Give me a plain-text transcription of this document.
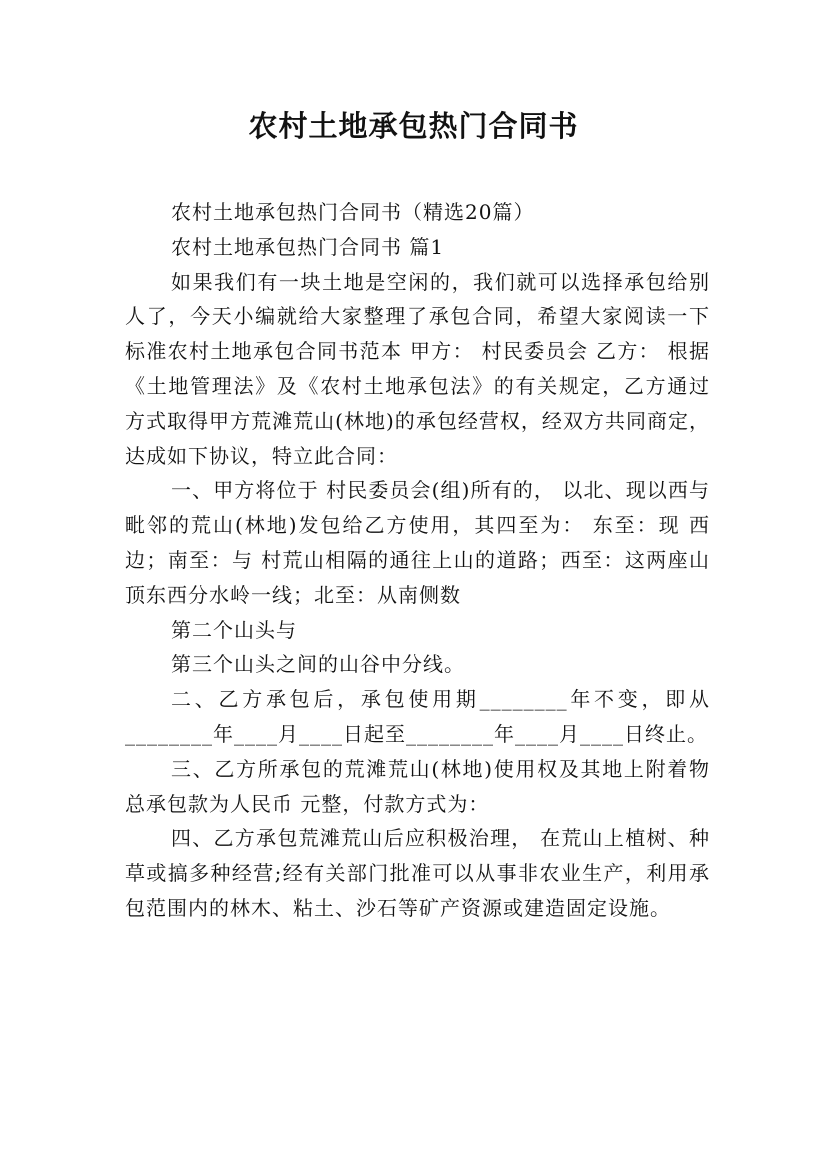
农村土地承包热门合同书

农村土地承包热门合同书（精选20篇）

农村土地承包热门合同书 篇1

如果我们有一块土地是空闲的，我们就可以选择承包给别人了，今天小编就给大家整理了承包合同，希望大家阅读一下 标准农村土地承包合同书范本 甲方： 村民委员会 乙方： 根据《土地管理法》及《农村土地承包法》的有关规定，乙方通过 方式取得甲方荒滩荒山(林地)的承包经营权，经双方共同商定，达成如下协议，特立此合同：

一、甲方将位于 村民委员会(组)所有的， 以北、现以西与 毗邻的荒山(林地)发包给乙方使用，其四至为： 东至：现 西边；南至：与 村荒山相隔的通往上山的道路；西至：这两座山顶东西分水岭一线；北至：从南侧数

第二个山头与

第三个山头之间的山谷中分线。

二、乙方承包后，承包使用期________年不变，即从________年____月____日起至________年____月____日终止。

三、乙方所承包的荒滩荒山(林地)使用权及其地上附着物总承包款为人民币 元整，付款方式为：

四、乙方承包荒滩荒山后应积极治理， 在荒山上植树、种草或搞多种经营;经有关部门批准可以从事非农业生产，利用承包范围内的林木、粘土、沙石等矿产资源或建造固定设施。
